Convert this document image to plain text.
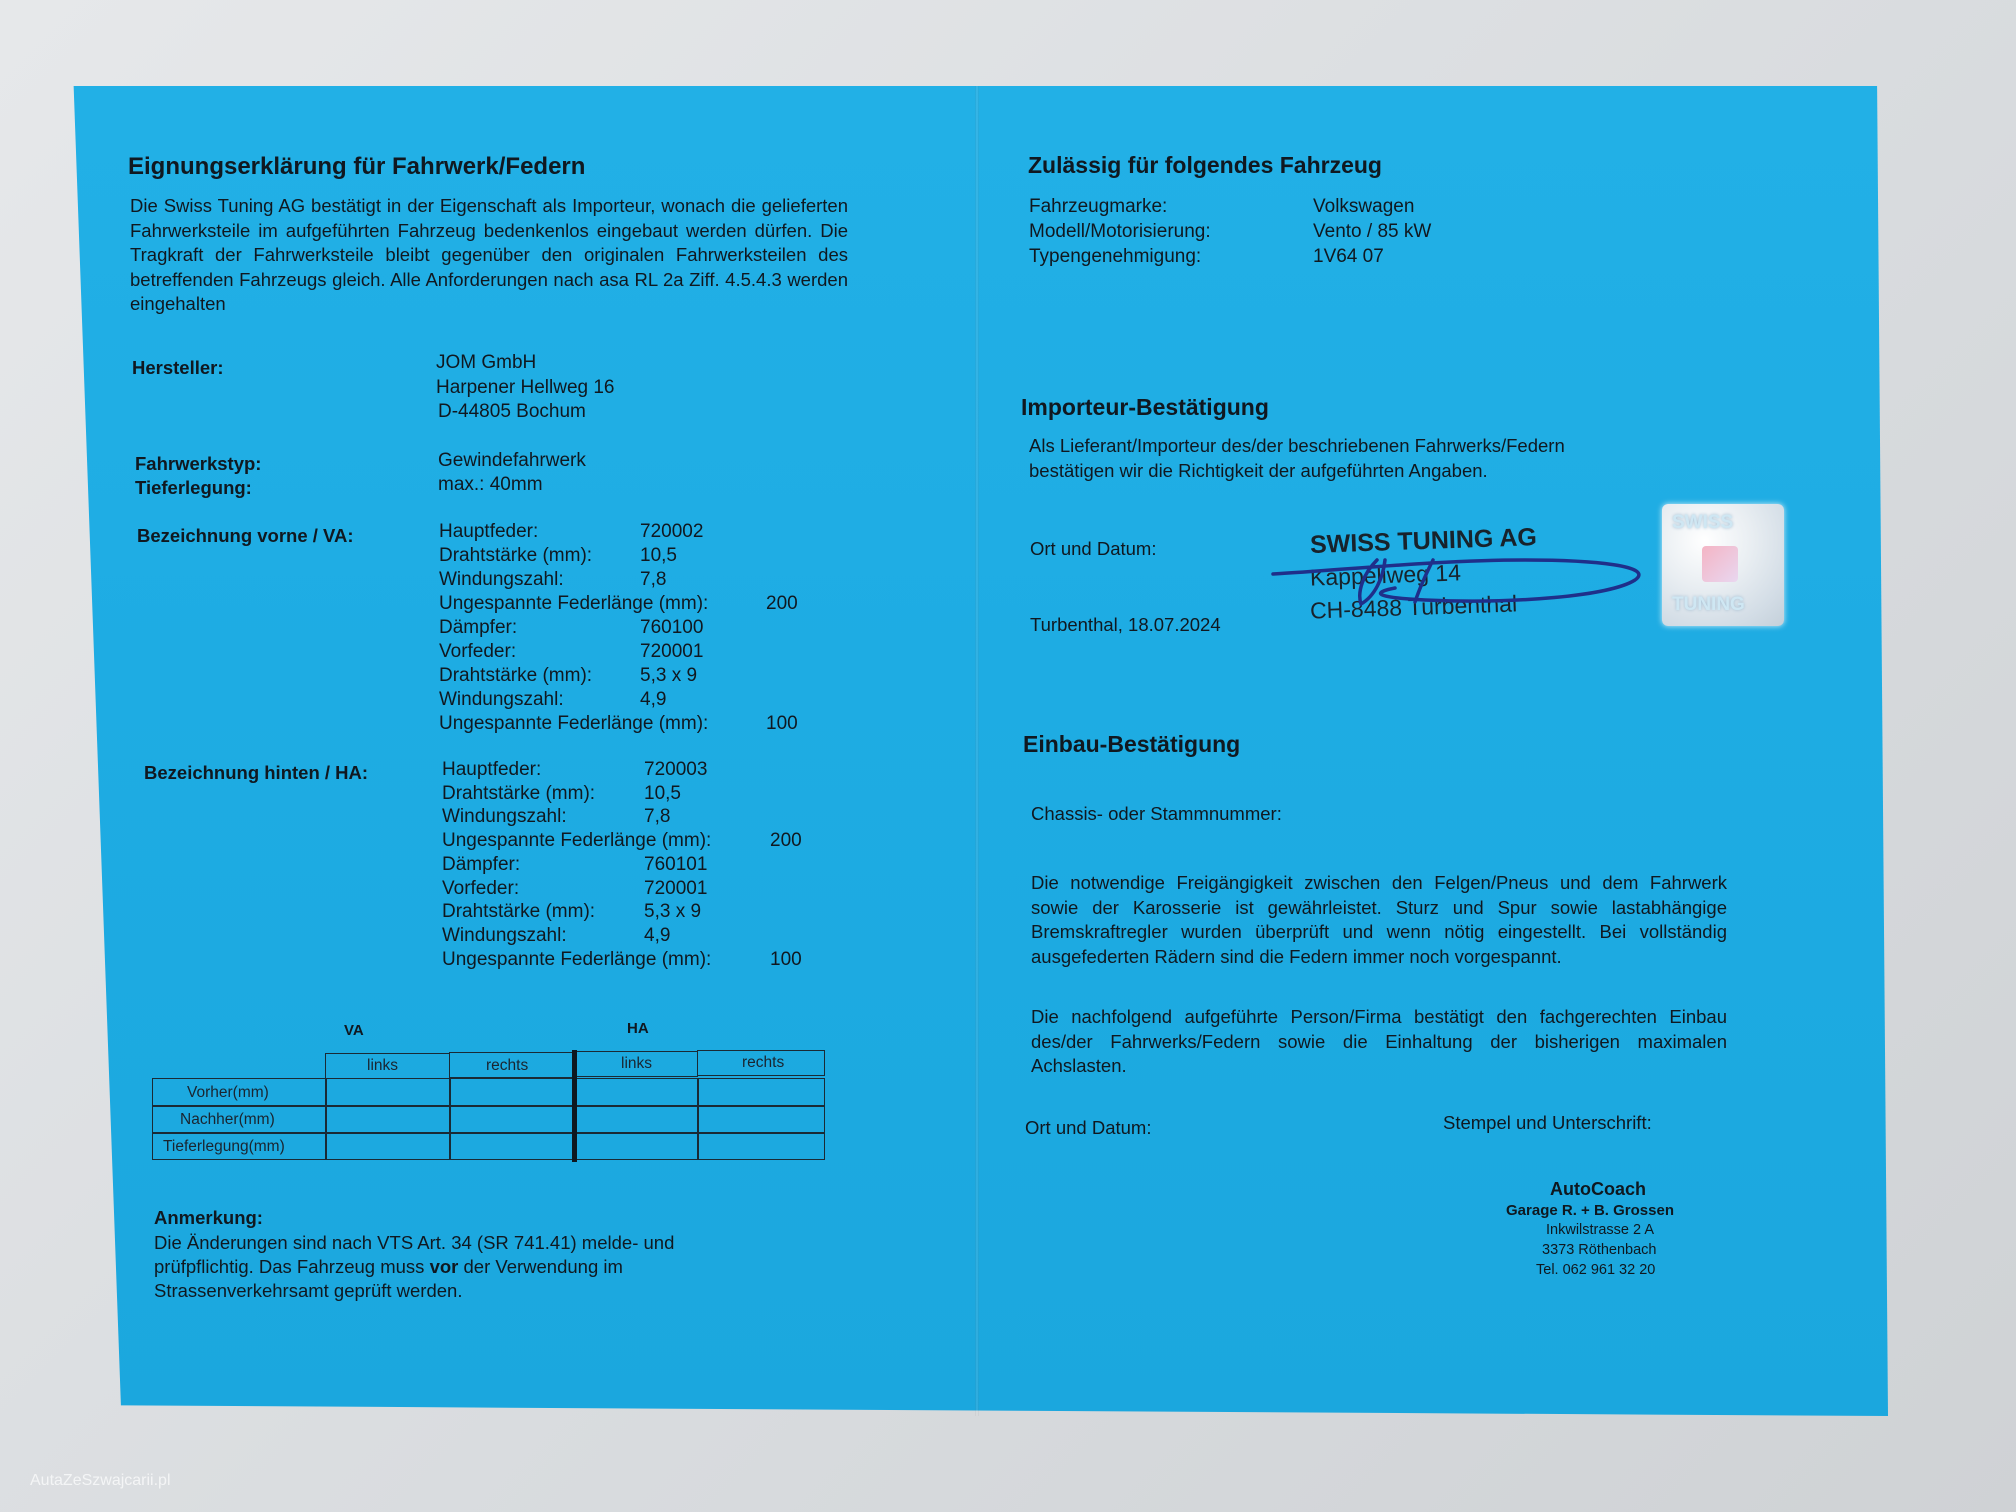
Eignungserklärung für Fahrwerk/Federn
Die Swiss Tuning AG bestätigt in der Eigenschaft als Importeur, wonach die gelieferten Fahrwerksteile im aufgeführten Fahrzeug bedenkenlos eingebaut werden dürfen. Die Tragkraft der Fahrwerksteile bleibt gegenüber den originalen Fahrwerksteilen des betreffenden Fahrzeugs gleich. Alle Anforderungen nach asa RL 2a Ziff. 4.5.4.3 werden eingehalten
Hersteller:	JOM GmbH
Harpener Hellweg 16
D-44805 Bochum
Fahrwerkstyp:	Gewindefahrwerk
Tieferlegung:	max.: 40mm
Bezeichnung vorne / VA:	Hauptfeder:	720002
Drahtstärke (mm):	10,5
Windungszahl:	7,8
Ungespannte Federlänge (mm):	200
Dämpfer:	760100
Vorfeder:	720001
Drahtstärke (mm):	5,3 x 9
Windungszahl:	4,9
Ungespannte Federlänge (mm):	100
Bezeichnung hinten / HA:	Hauptfeder:	720003
Drahtstärke (mm):	10,5
Windungszahl:	7,8
Ungespannte Federlänge (mm):	200
Dämpfer:	760101
Vorfeder:	720001
Drahtstärke (mm):	5,3 x 9
Windungszahl:	4,9
Ungespannte Federlänge (mm):	100
VA	HA
links	rechts	links	rechts
Vorher(mm)
Nachher(mm)
Tieferlegung(mm)
Anmerkung:
Die Änderungen sind nach VTS Art. 34 (SR 741.41) melde- und
prüfpflichtig. Das Fahrzeug muss vor der Verwendung im
Strassenverkehrsamt geprüft werden.
Zulässig für folgendes Fahrzeug
Fahrzeugmarke:	Volkswagen
Modell/Motorisierung:	Vento / 85 kW
Typengenehmigung:	1V64 07
Importeur-Bestätigung
Als Lieferant/Importeur des/der beschriebenen Fahrwerks/Federn
bestätigen wir die Richtigkeit der aufgeführten Angaben.
Ort und Datum:
Turbenthal, 18.07.2024
SWISS TUNING AG
Käppeliweg 14
CH-8488 Turbenthal
SWISS
TUNING
Einbau-Bestätigung
Chassis- oder Stammnummer:
Die notwendige Freigängigkeit zwischen den Felgen/Pneus und dem Fahrwerk sowie der Karosserie ist gewährleistet. Sturz und Spur sowie lastabhängige Bremskraftregler wurden überprüft und wenn nötig eingestellt. Bei vollständig ausgefederten Rädern sind die Federn immer noch vorgespannt.
Die nachfolgend aufgeführte Person/Firma bestätigt den fachgerechten Einbau des/der Fahrwerks/Federn sowie die Einhaltung der bisherigen maximalen Achslasten.
Ort und Datum:	Stempel und Unterschrift:
AutoCoach
Garage R. + B. Grossen
Inkwilstrasse 2 A
3373 Röthenbach
Tel. 062 961 32 20
AutaZeSzwajcarii.pl
